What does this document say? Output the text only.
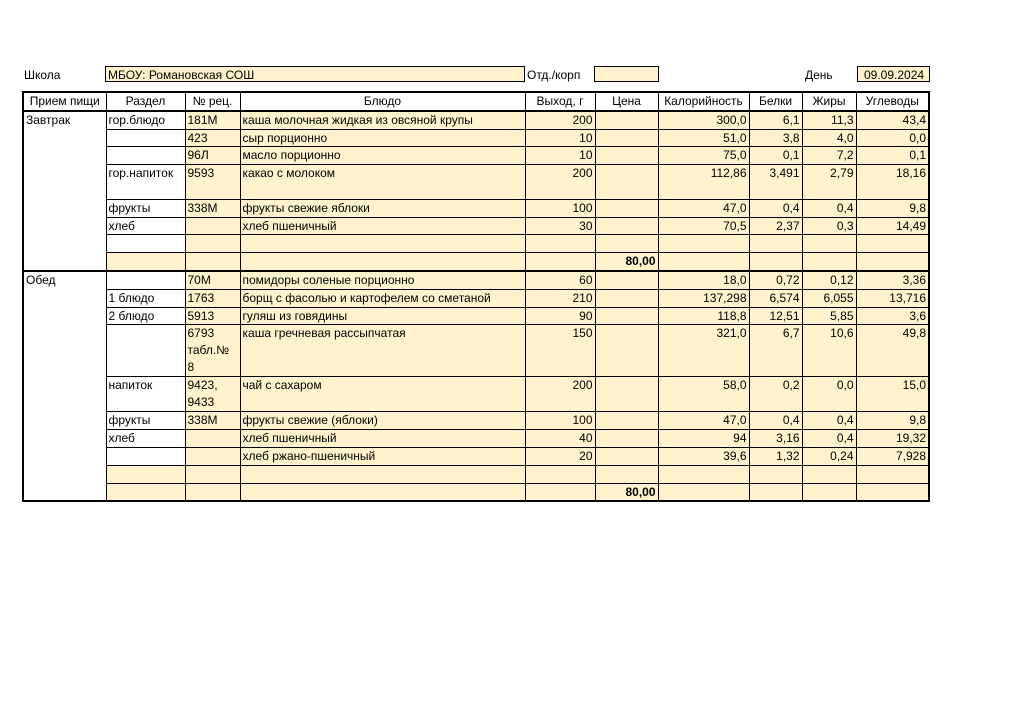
Школа	МБОУ: Романовская СОШ	Отд./корп	День	09.09.2024
Прием пищи	Раздел	№ рец.	Блюдо	Выход, г	Цена	Калорийность	Белки	Жиры	Углеводы
Завтрак	гор.блюдо	181М	каша молочная жидкая из овсяной крупы	200		300,0	6,1	11,3	43,4
		423	сыр порционно	10		51,0	3,8	4,0	0,0
		96Л	масло порционно	10		75,0	0,1	7,2	0,1
	гор.напиток	9593	какао с молоком	200		112,86	3,491	2,79	18,16
	фрукты	338М	фрукты свежие яблоки	100		47,0	0,4	0,4	9,8
	хлеб		хлеб пшеничный	30		70,5	2,37	0,3	14,49

					80,00				
Обед		70М	помидоры соленые порционно	60		18,0	0,72	0,12	3,36
	1 блюдо	1763	борщ с фасолью и картофелем со сметаной	210		137,298	6,574	6,055	13,716
	2 блюдо	5913	гуляш из говядины	90		118,8	12,51	5,85	3,6
		6793 табл.№ 8	каша гречневая рассыпчатая	150		321,0	6,7	10,6	49,8
	напиток	9423, 9433	чай с сахаром	200		58,0	0,2	0,0	15,0
	фрукты	338М	фрукты свежие (яблоки)	100		47,0	0,4	0,4	9,8
	хлеб		хлеб пшеничный	40		94	3,16	0,4	19,32
			хлеб ржано-пшеничный	20		39,6	1,32	0,24	7,928

					80,00				
